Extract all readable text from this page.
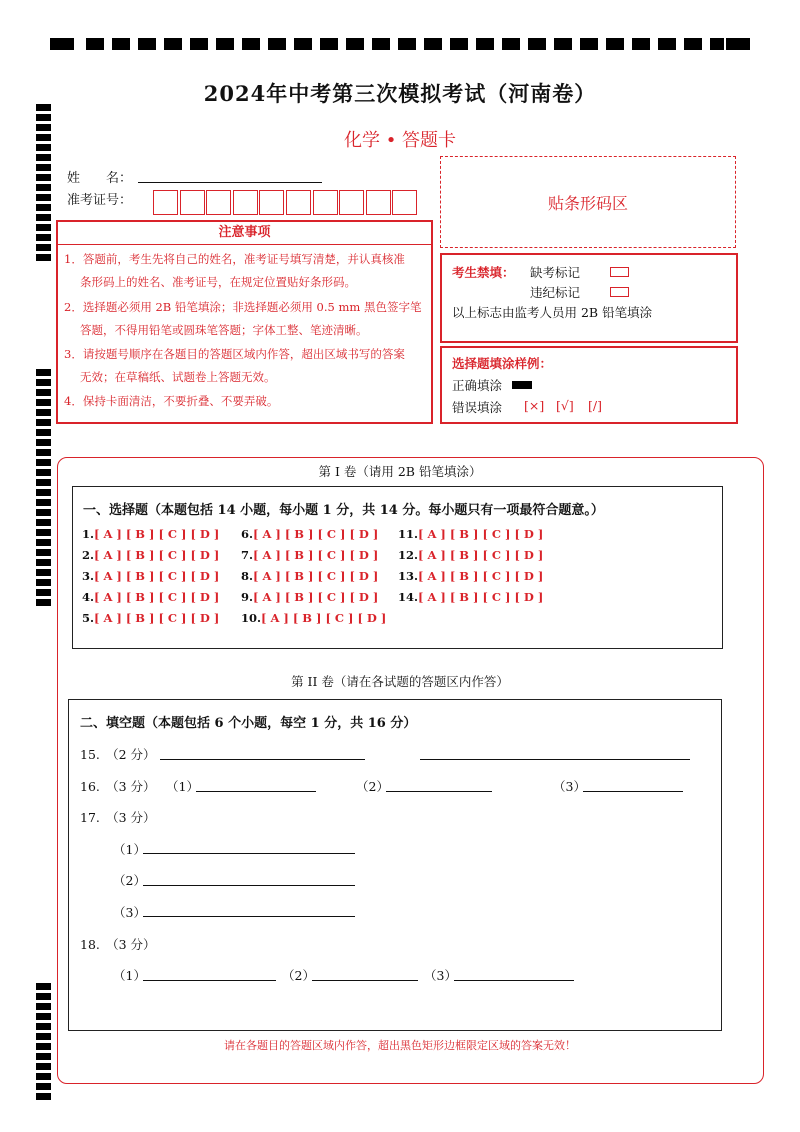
2024年中考第三次模拟考试（河南卷）
化学 • 答题卡
姓　　名：
准考证号：	贴条形码区
注意事项
1．答题前，考生先将自己的姓名，准考证号填写清楚，并认真核准
条形码上的姓名、准考证号，在规定位置贴好条形码。
2．选择题必须用 2B 铅笔填涂；非选择题必须用 0.5 mm 黑色签字笔
答题，不得用铅笔或圆珠笔答题；字体工整、笔迹清晰。
3．请按题号顺序在各题目的答题区域内作答，超出区域书写的答案
无效；在草稿纸、试题卷上答题无效。
4．保持卡面清洁，不要折叠、不要弄破。
考生禁填： 缺考标记
违纪标记
以上标志由监考人员用 2B 铅笔填涂
选择题填涂样例：
正确填涂
错误填涂 [×] [√] [/]
第 I 卷（请用 2B 铅笔填涂）
一、选择题（本题包括 14 小题，每小题 1 分，共 14 分。每小题只有一项最符合题意。）
1.[ A ] [ B ] [ C ] [ D ]
2.[ A ] [ B ] [ C ] [ D ]
3.[ A ] [ B ] [ C ] [ D ]
4.[ A ] [ B ] [ C ] [ D ]
5.[ A ] [ B ] [ C ] [ D ]
6.[ A ] [ B ] [ C ] [ D ]
7.[ A ] [ B ] [ C ] [ D ]
8.[ A ] [ B ] [ C ] [ D ]
9.[ A ] [ B ] [ C ] [ D ]
10.[ A ] [ B ] [ C ] [ D ]
11.[ A ] [ B ] [ C ] [ D ]
12.[ A ] [ B ] [ C ] [ D ]
13.[ A ] [ B ] [ C ] [ D ]
14.[ A ] [ B ] [ C ] [ D ]
第 II 卷（请在各试题的答题区内作答）
二、填空题（本题包括 6 个小题，每空 1 分，共 16 分）
15.　（2 分）
16.　（3 分） （1）	（2）	（3）
17.　（3 分）
（1）
（2）
（3）
18.　（3 分）
（1）	（2）	（3）
请在各题目的答题区域内作答，超出黑色矩形边框限定区域的答案无效！
